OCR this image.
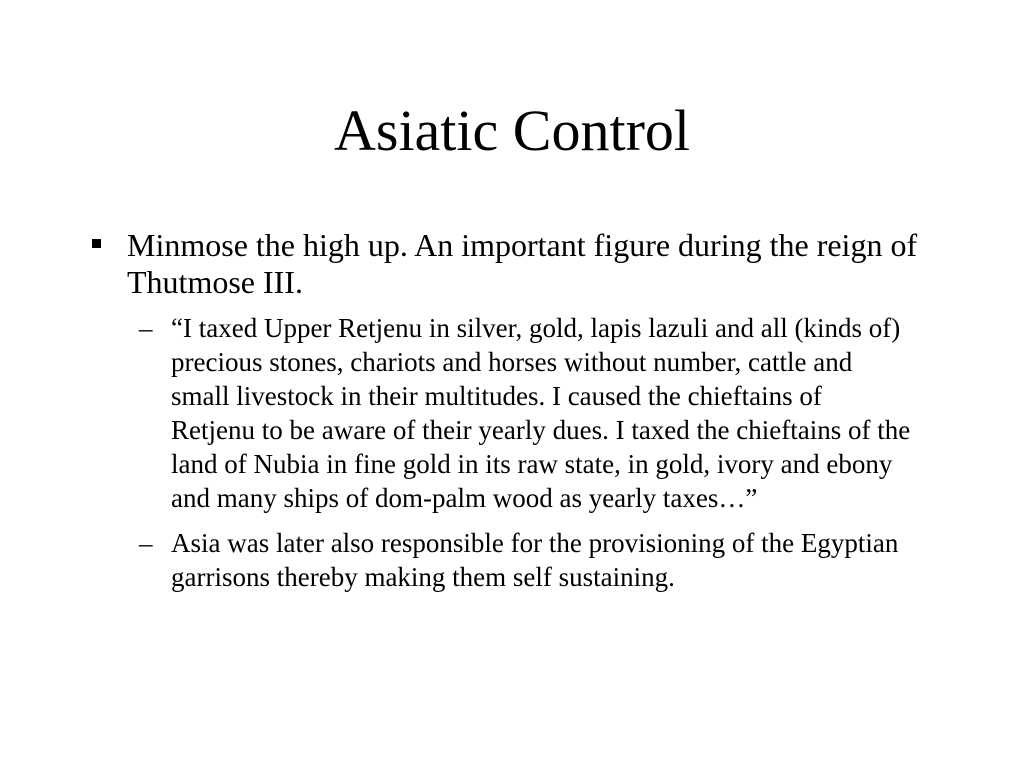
Asiatic Control
Minmose the high up. An important figure during the reign of Thutmose III.
– “I taxed Upper Retjenu in silver, gold, lapis lazuli and all (kinds of) precious stones, chariots and horses without number, cattle and small livestock in their multitudes. I caused the chieftains of Retjenu to be aware of their yearly dues. I taxed the chieftains of the land of Nubia in fine gold in its raw state, in gold, ivory and ebony and many ships of dom-palm wood as yearly taxes…”
– Asia was later also responsible for the provisioning of the Egyptian garrisons thereby making them self sustaining.
